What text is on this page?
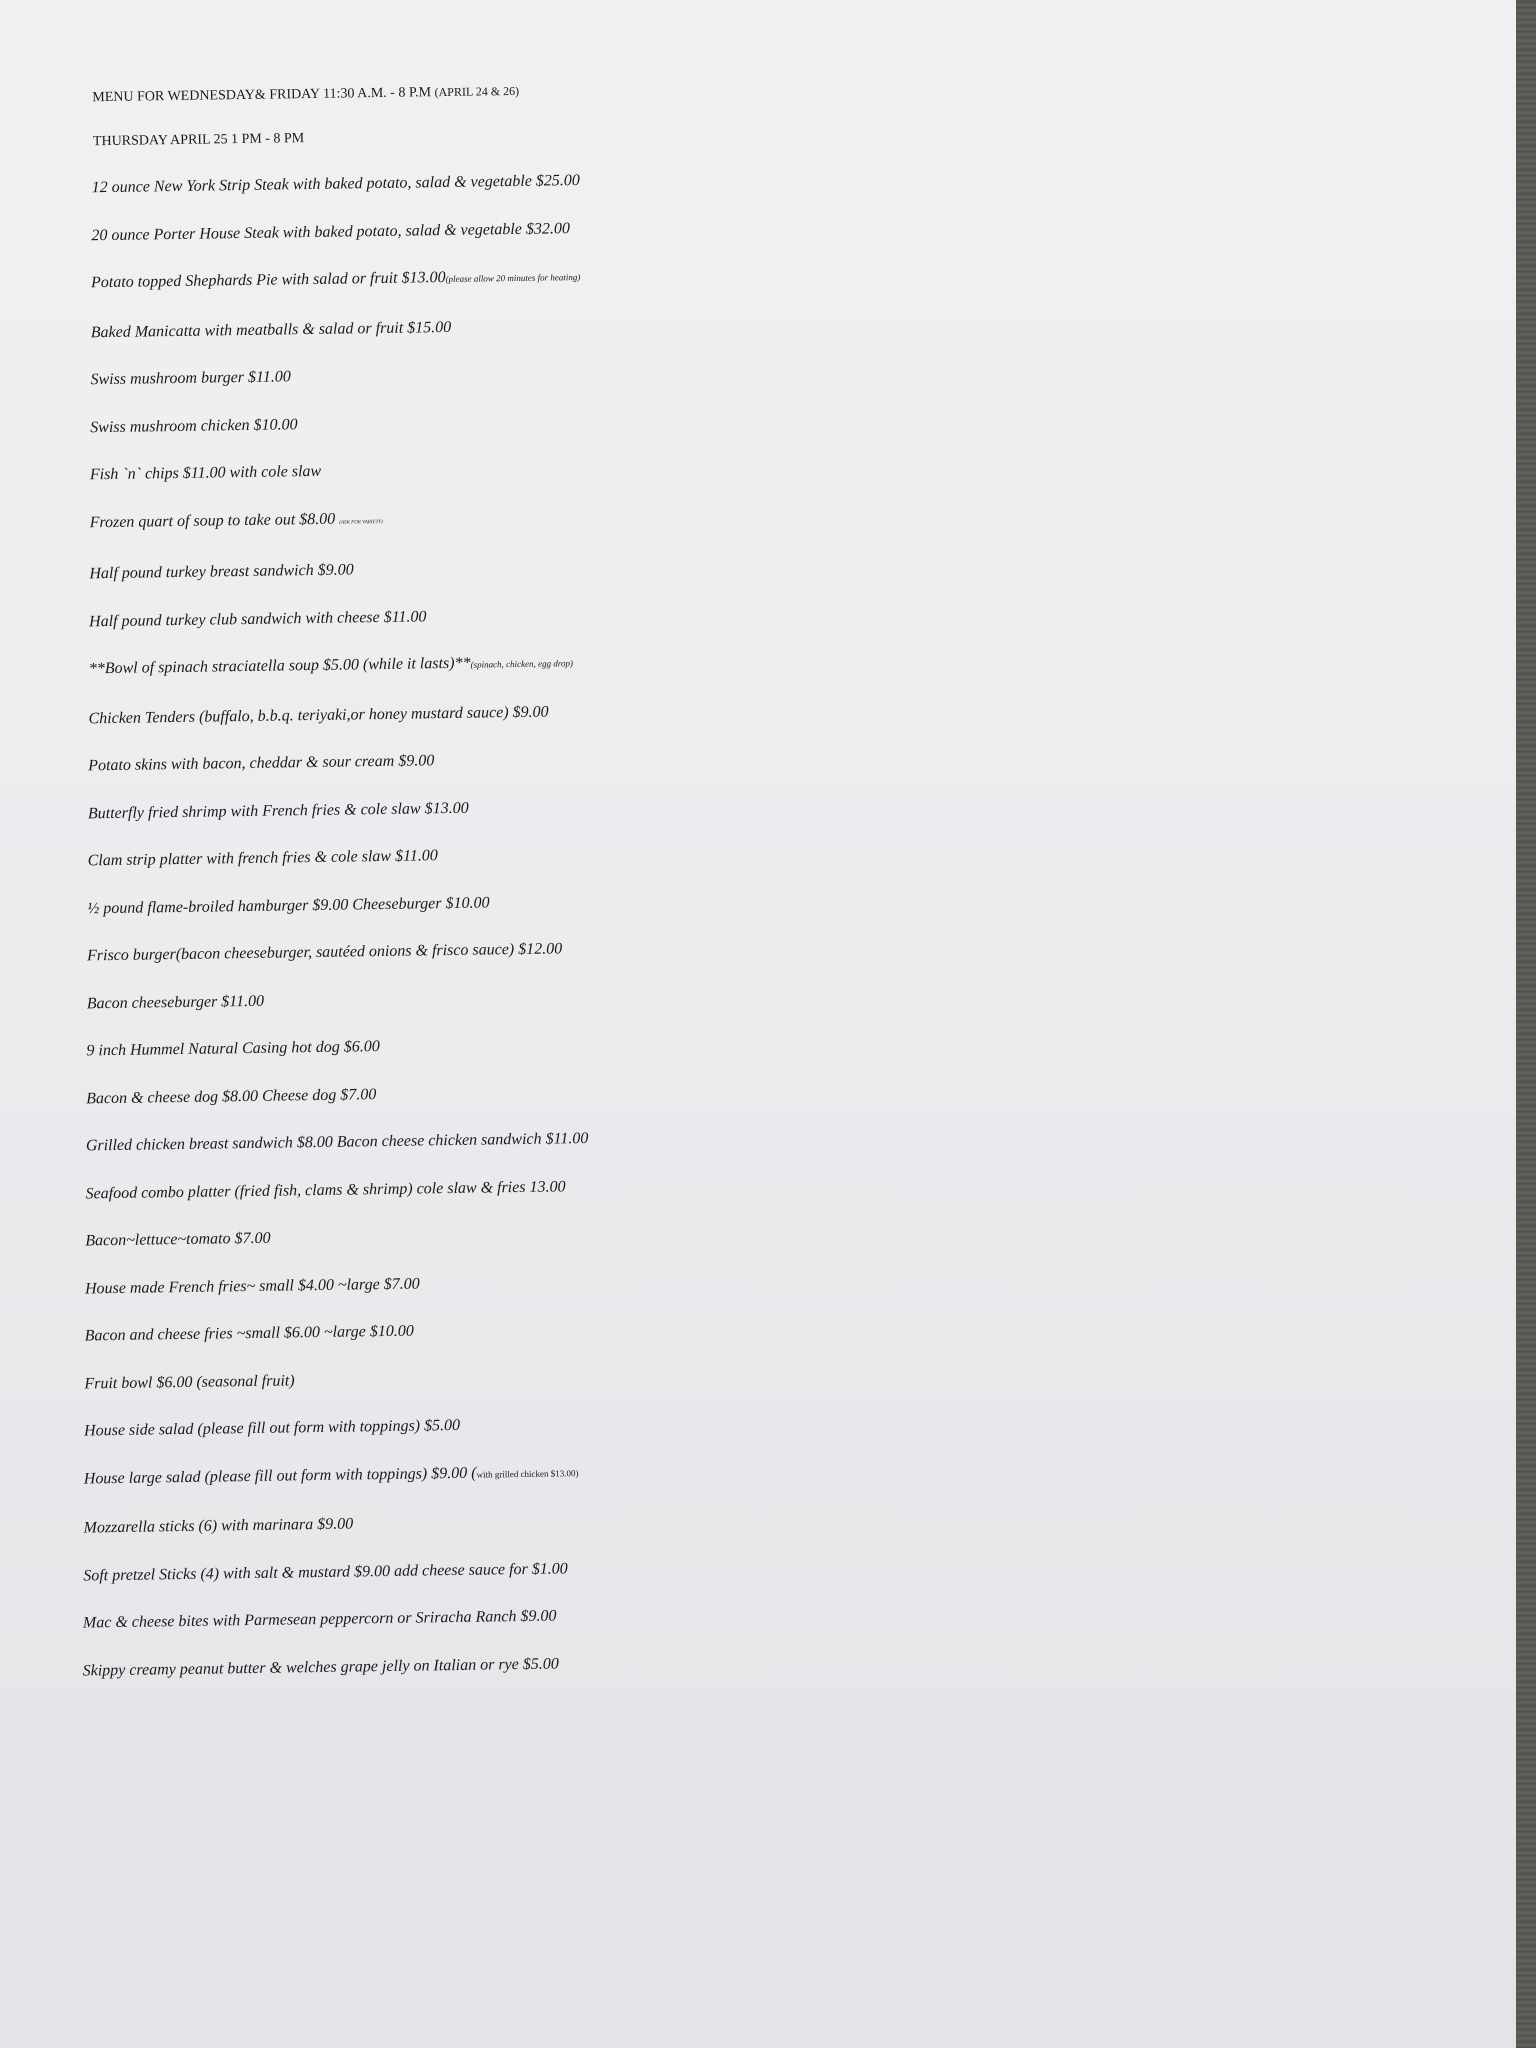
MENU FOR WEDNESDAY& FRIDAY 11:30 A.M. - 8 P.M (APRIL 24 & 26)
THURSDAY APRIL 25 1 PM - 8 PM
12 ounce New York Strip Steak with baked potato, salad & vegetable $25.00
20 ounce Porter House Steak with baked potato, salad & vegetable $32.00
Potato topped Shephards Pie with salad or fruit $13.00(please allow 20 minutes for heating)
Baked Manicatta with meatballs & salad or fruit $15.00
Swiss mushroom burger $11.00
Swiss mushroom chicken $10.00
Fish `n` chips $11.00 with cole slaw
Frozen quart of soup to take out $8.00 (ASK FOR VARIETY)
Half pound turkey breast sandwich $9.00
Half pound turkey club sandwich with cheese $11.00
**Bowl of spinach straciatella soup $5.00 (while it lasts)**(spinach, chicken, egg drop)
Chicken Tenders (buffalo, b.b.q. teriyaki,or honey mustard sauce) $9.00
Potato skins with bacon, cheddar & sour cream $9.00
Butterfly fried shrimp with French fries & cole slaw $13.00
Clam strip platter with french fries & cole slaw $11.00
½ pound flame-broiled hamburger $9.00 Cheeseburger $10.00
Frisco burger(bacon cheeseburger, sautéed onions & frisco sauce) $12.00
Bacon cheeseburger $11.00
9 inch Hummel Natural Casing hot dog $6.00
Bacon & cheese dog $8.00 Cheese dog $7.00
Grilled chicken breast sandwich $8.00 Bacon cheese chicken sandwich $11.00
Seafood combo platter (fried fish, clams & shrimp) cole slaw & fries 13.00
Bacon~lettuce~tomato $7.00
House made French fries~ small $4.00 ~large $7.00
Bacon and cheese fries ~small $6.00 ~large $10.00
Fruit bowl $6.00 (seasonal fruit)
House side salad (please fill out form with toppings) $5.00
House large salad (please fill out form with toppings) $9.00 (with grilled chicken $13.00)
Mozzarella sticks (6) with marinara $9.00
Soft pretzel Sticks (4) with salt & mustard $9.00 add cheese sauce for $1.00
Mac & cheese bites with Parmesean peppercorn or Sriracha Ranch $9.00
Skippy creamy peanut butter & welches grape jelly on Italian or rye $5.00
